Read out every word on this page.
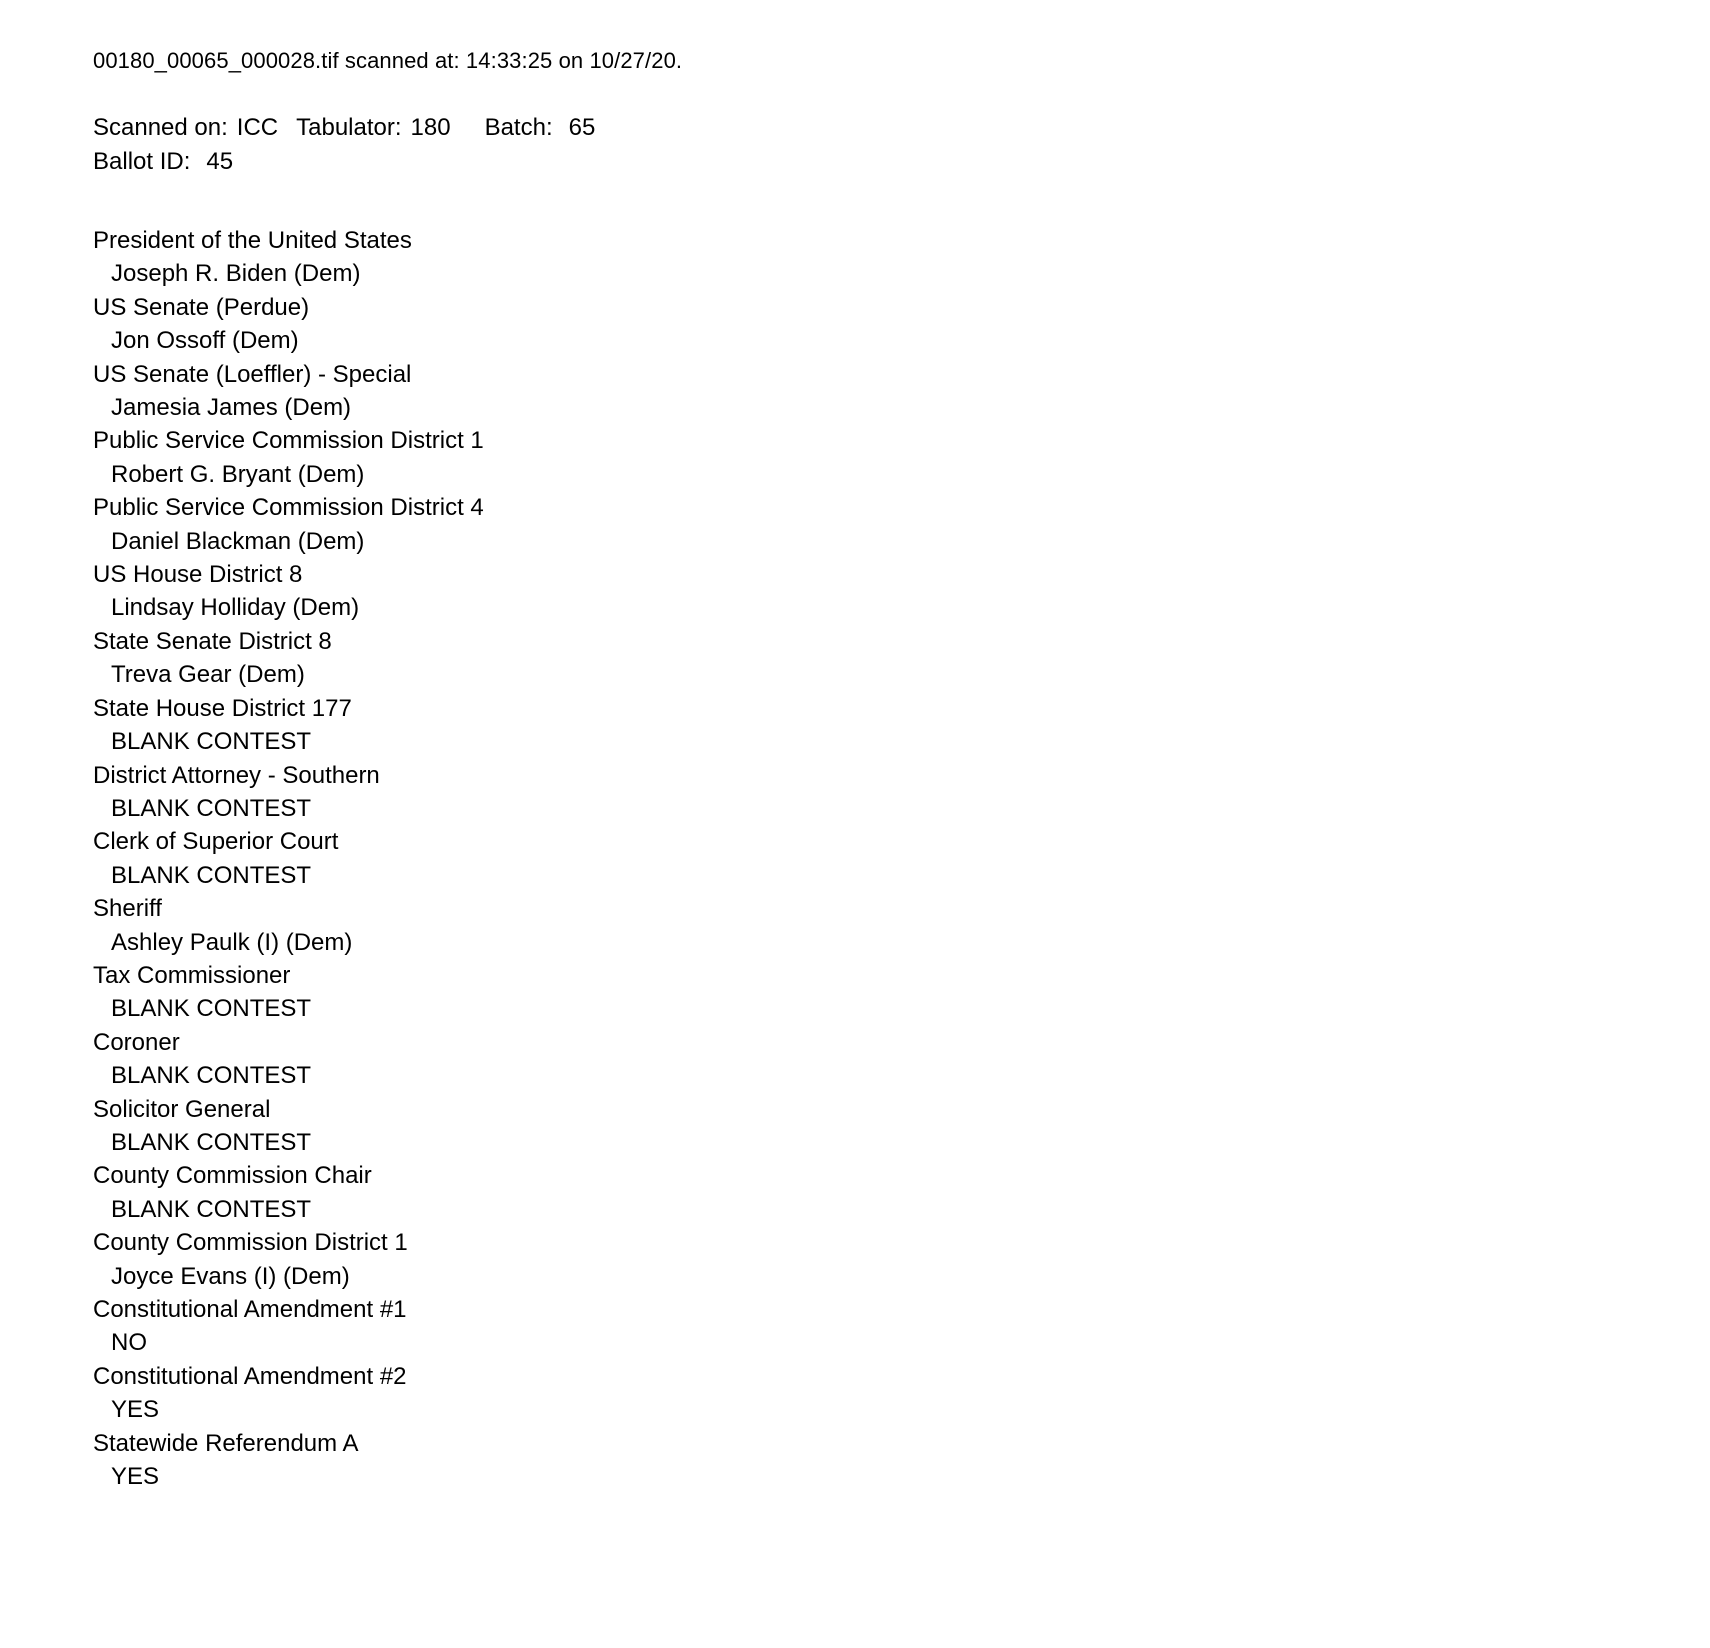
00180_00065_000028.tif scanned at: 14:33:25 on 10/27/20.
Scanned on: ICC Tabulator: 180 Batch: 65
Ballot ID: 45
President of the United States
Joseph R. Biden (Dem)
US Senate (Perdue)
Jon Ossoff (Dem)
US Senate (Loeffler) - Special
Jamesia James (Dem)
Public Service Commission District 1
Robert G. Bryant (Dem)
Public Service Commission District 4
Daniel Blackman (Dem)
US House District 8
Lindsay Holliday (Dem)
State Senate District 8
Treva Gear (Dem)
State House District 177
BLANK CONTEST
District Attorney - Southern
BLANK CONTEST
Clerk of Superior Court
BLANK CONTEST
Sheriff
Ashley Paulk (I) (Dem)
Tax Commissioner
BLANK CONTEST
Coroner
BLANK CONTEST
Solicitor General
BLANK CONTEST
County Commission Chair
BLANK CONTEST
County Commission District 1
Joyce Evans (I) (Dem)
Constitutional Amendment #1
NO
Constitutional Amendment #2
YES
Statewide Referendum A
YES
